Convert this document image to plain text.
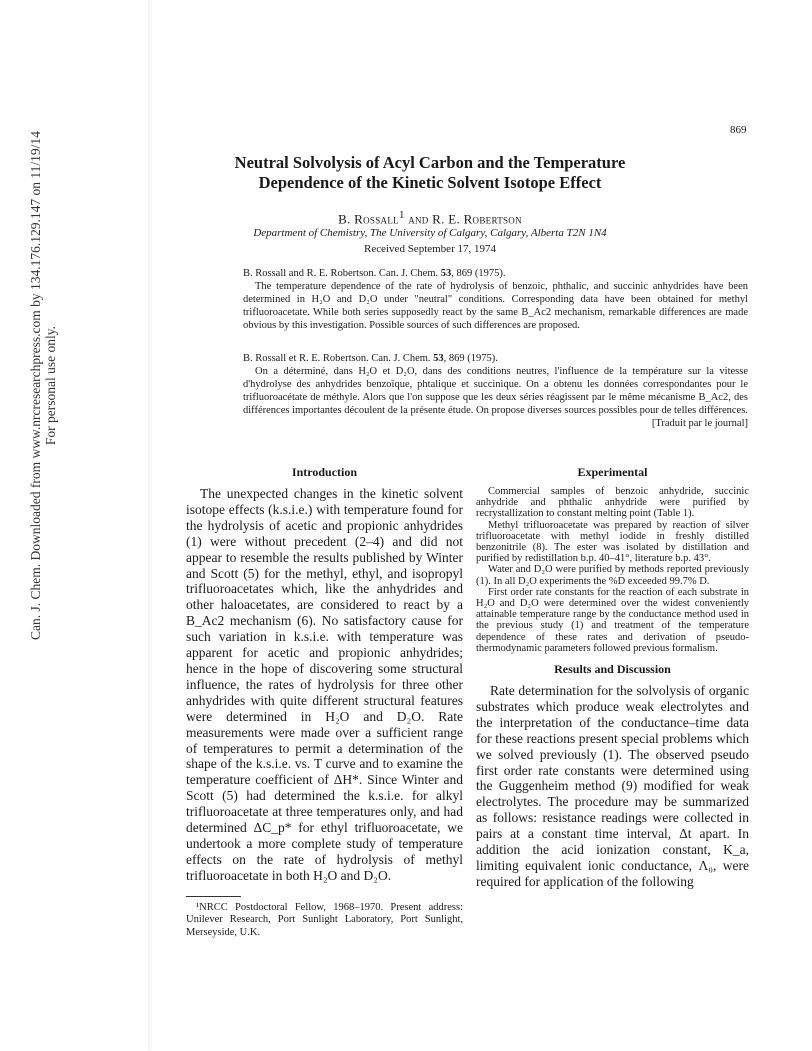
Can. J. Chem. Downloaded from www.nrcresearchpress.com by 134.176.129.147 on 11/19/14 For personal use only.
869
Neutral Solvolysis of Acyl Carbon and the Temperature Dependence of the Kinetic Solvent Isotope Effect
B. Rossall$^1$ and R. E. Robertson
Department of Chemistry, The University of Calgary, Calgary, Alberta T2N 1N4
Received September 17, 1974

B. Rossall and R. E. Robertson. Can. J. Chem. 53, 869 (1975).

The temperature dependence of the rate of hydrolysis of benzoic, phthalic, and succinic anhydrides have been determined in H₂O and D₂O under "neutral" conditions. Corresponding data have been obtained for methyl trifluoroacetate. While both series supposedly react by the same B_Ac2 mechanism, remarkable differences are made obvious by this investigation. Possible sources of such differences are proposed.

B. Rossall et R. E. Robertson. Can. J. Chem. 53, 869 (1975).

On a déterminé, dans H₂O et D₂O, dans des conditions neutres, l'influence de la température sur la vitesse d'hydrolyse des anhydrides benzoïque, phtalique et succinique. On a obtenu les données correspondantes pour le trifluoroacétate de méthyle. Alors que l'on suppose que les deux séries réagissent par le même mécanisme B_Ac2, des différences importantes découlent de la présente étude. On propose diverses sources possibles pour de telles différences.

[Traduit par le journal]

Introduction

The unexpected changes in the kinetic solvent isotope effects (k.s.i.e.) with temperature found for the hydrolysis of acetic and propionic anhydrides (1) were without precedent (2–4) and did not appear to resemble the results published by Winter and Scott (5) for the methyl, ethyl, and isopropyl trifluoroacetates which, like the anhydrides and other haloacetates, are considered to react by a B_Ac2 mechanism (6). No satisfactory cause for such variation in k.s.i.e. with temperature was apparent for acetic and propionic anhydrides; hence in the hope of discovering some structural influence, the rates of hydrolysis for three other anhydrides with quite different structural features were determined in H₂O and D₂O. Rate measurements were made over a sufficient range of temperatures to permit a determination of the shape of the k.s.i.e. vs. T curve and to examine the temperature coefficient of ΔH*. Since Winter and Scott (5) had determined the k.s.i.e. for alkyl trifluoroacetate at three temperatures only, and had determined ΔC_p* for ethyl trifluoroacetate, we undertook a more complete study of temperature effects on the rate of hydrolysis of methyl trifluoroacetate in both H₂O and D₂O.

¹NRCC Postdoctoral Fellow, 1968–1970. Present address: Unilever Research, Port Sunlight Laboratory, Port Sunlight, Merseyside, U.K.

Experimental

Commercial samples of benzoic anhydride, succinic anhydride and phthalic anhydride were purified by recrystallization to constant melting point (Table 1).

Methyl trifluoroacetate was prepared by reaction of silver trifluoroacetate with methyl iodide in freshly distilled benzonitrile (8). The ester was isolated by distillation and purified by redistillation b.p. 40–41°, literature b.p. 43°.

Water and D₂O were purified by methods reported previously (1). In all D₂O experiments the %D exceeded 99.7% D.

First order rate constants for the reaction of each substrate in H₂O and D₂O were determined over the widest conveniently attainable temperature range by the conductance method used in the previous study (1) and treatment of the temperature dependence of these rates and derivation of pseudo-thermodynamic parameters followed previous formalism.

Results and Discussion

Rate determination for the solvolysis of organic substrates which produce weak electrolytes and the interpretation of the conductance–time data for these reactions present special problems which we solved previously (1). The observed pseudo first order rate constants were determined using the Guggenheim method (9) modified for weak electrolytes. The procedure may be summarized as follows: resistance readings were collected in pairs at a constant time interval, Δt apart. In addition the acid ionization constant, K_a, limiting equivalent ionic conductance, Λ₀, were required for application of the following
